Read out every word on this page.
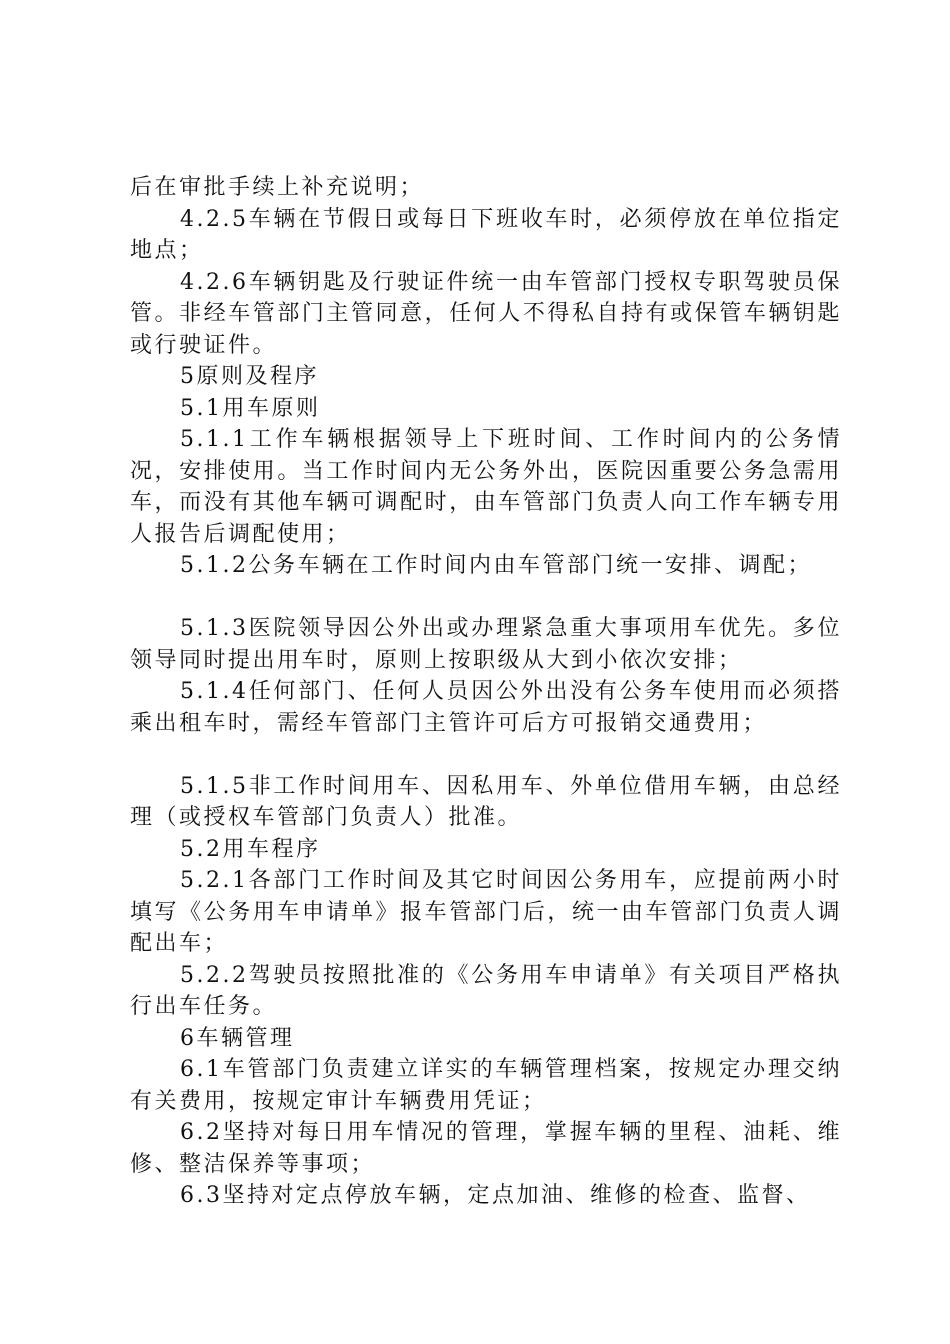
后在审批手续上补充说明；

4.2.5车辆在节假日或每日下班收车时，必须停放在单位指定地点；

4.2.6车辆钥匙及行驶证件统一由车管部门授权专职驾驶员保管。非经车管部门主管同意，任何人不得私自持有或保管车辆钥匙或行驶证件。

5原则及程序

5.1用车原则

5.1.1工作车辆根据领导上下班时间、工作时间内的公务情况，安排使用。当工作时间内无公务外出，医院因重要公务急需用车，而没有其他车辆可调配时，由车管部门负责人向工作车辆专用人报告后调配使用；

5.1.2公务车辆在工作时间内由车管部门统一安排、调配；

5.1.3医院领导因公外出或办理紧急重大事项用车优先。多位领导同时提出用车时，原则上按职级从大到小依次安排；

5.1.4任何部门、任何人员因公外出没有公务车使用而必须搭乘出租车时，需经车管部门主管许可后方可报销交通费用；

5.1.5非工作时间用车、因私用车、外单位借用车辆，由总经理（或授权车管部门负责人）批准。

5.2用车程序

5.2.1各部门工作时间及其它时间因公务用车，应提前两小时填写《公务用车申请单》报车管部门后，统一由车管部门负责人调配出车；

5.2.2驾驶员按照批准的《公务用车申请单》有关项目严格执行出车任务。

6车辆管理

6.1车管部门负责建立详实的车辆管理档案，按规定办理交纳有关费用，按规定审计车辆费用凭证；

6.2坚持对每日用车情况的管理，掌握车辆的里程、油耗、维修、整洁保养等事项；

6.3坚持对定点停放车辆，定点加油、维修的检查、监督、
